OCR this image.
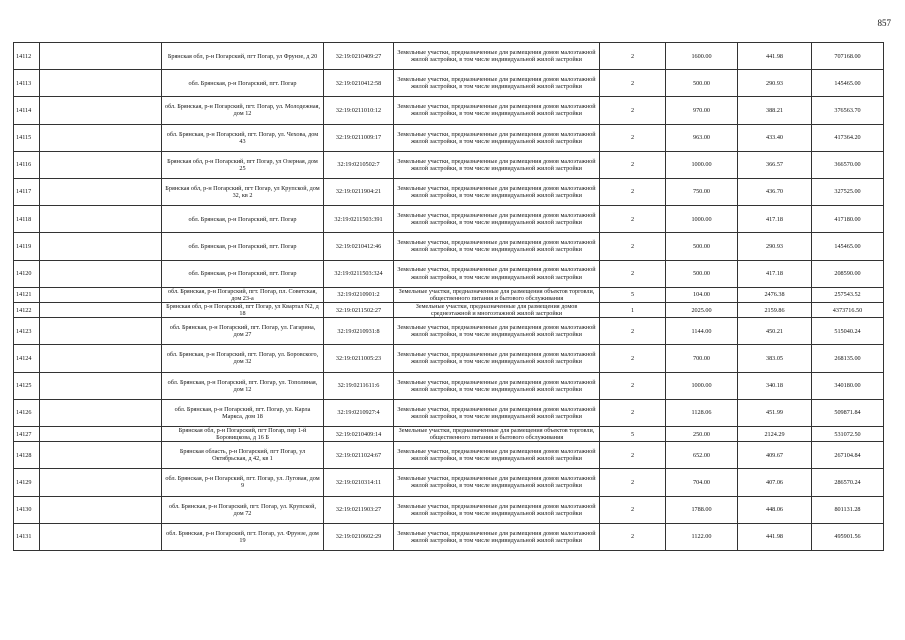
857
14112		Брянская обл, р-н Погарский, пгт Погар, ул Фрунзе, д 20	32:19:0210409:27	Земельные участки, предназначенные для размещения домов малоэтажной жилой застройки, в том числе индивидуальной жилой застройки	2	1600.00	441.98	707168.00
14113		обл. Брянская, р-н Погарский, пгт. Погар	32:19:0210412:58	Земельные участки, предназначенные для размещения домов малоэтажной жилой застройки, в том числе индивидуальной жилой застройки	2	500.00	290.93	145465.00
14114		обл. Брянская, р-н Погарский, пгт. Погар, ул. Молодежная, дом 12	32:19:0211010:12	Земельные участки, предназначенные для размещения домов малоэтажной жилой застройки, в том числе индивидуальной жилой застройки	2	970.00	388.21	376563.70
14115		обл. Брянская, р-н Погарский, пгт. Погар, ул. Чехова, дом 43	32:19:0211009:17	Земельные участки, предназначенные для размещения домов малоэтажной жилой застройки, в том числе индивидуальной жилой застройки	2	963.00	433.40	417364.20
14116		Брянская обл, р-н Погарский, пгт Погар, ул Озерная, дом 25	32:19:0210502:7	Земельные участки, предназначенные для размещения домов малоэтажной жилой застройки, в том числе индивидуальной жилой застройки	2	1000.00	366.57	366570.00
14117		Брянская обл, р-н Погарский, пгт Погар, ул Крупской, дом 32, кв 2	32:19:0211904:21	Земельные участки, предназначенные для размещения домов малоэтажной жилой застройки, в том числе индивидуальной жилой застройки	2	750.00	436.70	327525.00
14118		обл. Брянская, р-н Погарский, пгт. Погар	32:19:0211503:391	Земельные участки, предназначенные для размещения домов малоэтажной жилой застройки, в том числе индивидуальной жилой застройки	2	1000.00	417.18	417180.00
14119		обл. Брянская, р-н Погарский, пгт. Погар	32:19:0210412:46	Земельные участки, предназначенные для размещения домов малоэтажной жилой застройки, в том числе индивидуальной жилой застройки	2	500.00	290.93	145465.00
14120		обл. Брянская, р-н Погарский, пгт. Погар	32:19:0211503:324	Земельные участки, предназначенные для размещения домов малоэтажной жилой застройки, в том числе индивидуальной жилой застройки	2	500.00	417.18	208590.00
14121		обл. Брянская, р-н Погарский, пгт. Погар, пл. Советская, дом 23-а	32:19:0210901:2	Земельные участки, предназначенные для размещения объектов торговли, общественного питания и бытового обслуживания	5	104.00	2476.38	257543.52
14122		Брянская обл, р-н Погарский, пгт Погар, ул Квартал N2, д 18	32:19:0211502:27	Земельные участки, предназначенные для размещения домов среднеэтажной и многоэтажной жилой застройки	1	2025.00	2159.86	4373716.50
14123		обл. Брянская, р-н Погарский, пгт. Погар, ул. Гагарина, дом 27	32:19:0210931:8	Земельные участки, предназначенные для размещения домов малоэтажной жилой застройки, в том числе индивидуальной жилой застройки	2	1144.00	450.21	515040.24
14124		обл. Брянская, р-н Погарский, пгт. Погар, ул. Боровского, дом 32	32:19:0211005:23	Земельные участки, предназначенные для размещения домов малоэтажной жилой застройки, в том числе индивидуальной жилой застройки	2	700.00	383.05	268135.00
14125		обл. Брянская, р-н Погарский, пгт. Погар, ул. Тополиная, дом 12	32:19:0211611:6	Земельные участки, предназначенные для размещения домов малоэтажной жилой застройки, в том числе индивидуальной жилой застройки	2	1000.00	340.18	340180.00
14126		обл. Брянская, р-н Погарский, пгт. Погар, ул. Карла Маркса, дом 18	32:19:0210927:4	Земельные участки, предназначенные для размещения домов малоэтажной жилой застройки, в том числе индивидуальной жилой застройки	2	1128.06	451.99	509871.84
14127		Брянская обл, р-н Погарский, пгт Погар, пер 1-й Боровицкова, д 16 Б	32:19:0210409:14	Земельные участки, предназначенные для размещения объектов торговли, общественного питания и бытового обслуживания	5	250.00	2124.29	531072.50
14128		Брянская область, р-н Погарский, пгт Погар, ул Октябрьская, д 42, кв 1	32:19:0211024:67	Земельные участки, предназначенные для размещения домов малоэтажной жилой застройки, в том числе индивидуальной жилой застройки	2	652.00	409.67	267104.84
14129		обл. Брянская, р-н Погарский, пгт. Погар, ул. Луговая, дом 9	32:19:0210314:11	Земельные участки, предназначенные для размещения домов малоэтажной жилой застройки, в том числе индивидуальной жилой застройки	2	704.00	407.06	286570.24
14130		обл. Брянская, р-н Погарский, пгт. Погар, ул. Крупской, дом 72	32:19:0211903:27	Земельные участки, предназначенные для размещения домов малоэтажной жилой застройки, в том числе индивидуальной жилой застройки	2	1788.00	448.06	801131.28
14131		обл. Брянская, р-н Погарский, пгт. Погар, ул. Фрунзе, дом 19	32:19:0210602:29	Земельные участки, предназначенные для размещения домов малоэтажной жилой застройки, в том числе индивидуальной жилой застройки	2	1122.00	441.98	495901.56
